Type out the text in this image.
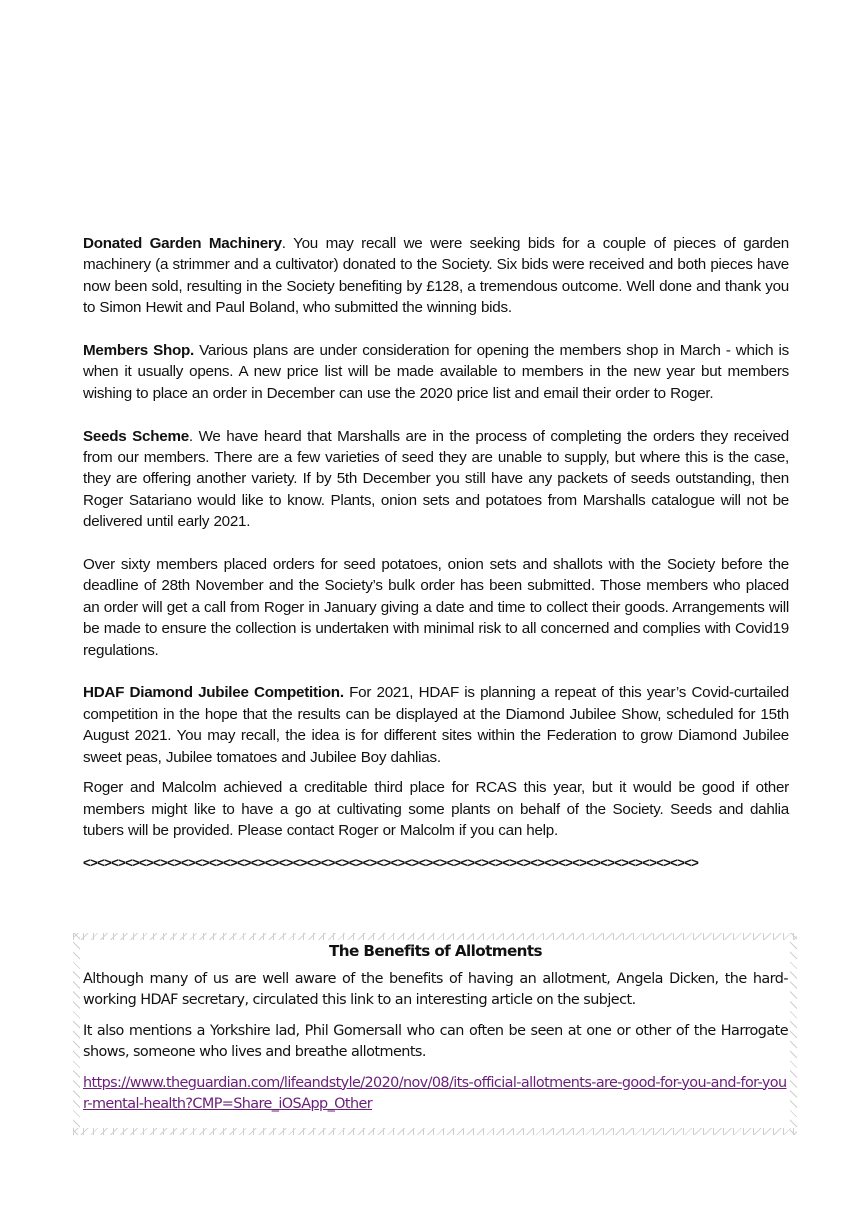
Donated Garden Machinery. You may recall we were seeking bids for a couple of pieces of garden machinery (a strimmer and a cultivator) donated to the Society. Six bids were received and both pieces have now been sold, resulting in the Society benefiting by £128, a tremendous outcome. Well done and thank you to Simon Hewit and Paul Boland, who submitted the winning bids.

Members Shop. Various plans are under consideration for opening the members shop in March - which is when it usually opens. A new price list will be made available to members in the new year but members wishing to place an order in December can use the 2020 price list and email their order to Roger.

Seeds Scheme. We have heard that Marshalls are in the process of completing the orders they received from our members. There are a few varieties of seed they are unable to supply, but where this is the case, they are offering another variety. If by 5th December you still have any packets of seeds outstanding, then Roger Satariano would like to know. Plants, onion sets and potatoes from Marshalls catalogue will not be delivered until early 2021.

Over sixty members placed orders for seed potatoes, onion sets and shallots with the Society before the deadline of 28th November and the Society’s bulk order has been submitted. Those members who placed an order will get a call from Roger in January giving a date and time to collect their goods. Arrangements will be made to ensure the collection is undertaken with minimal risk to all concerned and complies with Covid19 regulations.

HDAF Diamond Jubilee Competition. For 2021, HDAF is planning a repeat of this year’s Covid-curtailed competition in the hope that the results can be displayed at the Diamond Jubilee Show, scheduled for 15th August 2021. You may recall, the idea is for different sites within the Federation to grow Diamond Jubilee sweet peas, Jubilee tomatoes and Jubilee Boy dahlias.

Roger and Malcolm achieved a creditable third place for RCAS this year, but it would be good if other members might like to have a go at cultivating some plants on behalf of the Society. Seeds and dahlia tubers will be provided. Please contact Roger or Malcolm if you can help.

<><><><><><><><><><><><><><><><><><><><><><><><><><><><><><><><><><><><><><><><><><><><>

The Benefits of Allotments

Although many of us are well aware of the benefits of having an allotment, Angela Dicken, the hard-working HDAF secretary, circulated this link to an interesting article on the subject.

It also mentions a Yorkshire lad, Phil Gomersall who can often be seen at one or other of the Harrogate shows, someone who lives and breathe allotments.

https://www.theguardian.com/lifeandstyle/2020/nov/08/its-official-allotments-are-good-for-you-and-for-your-mental-health?CMP=Share_iOSApp_Other
